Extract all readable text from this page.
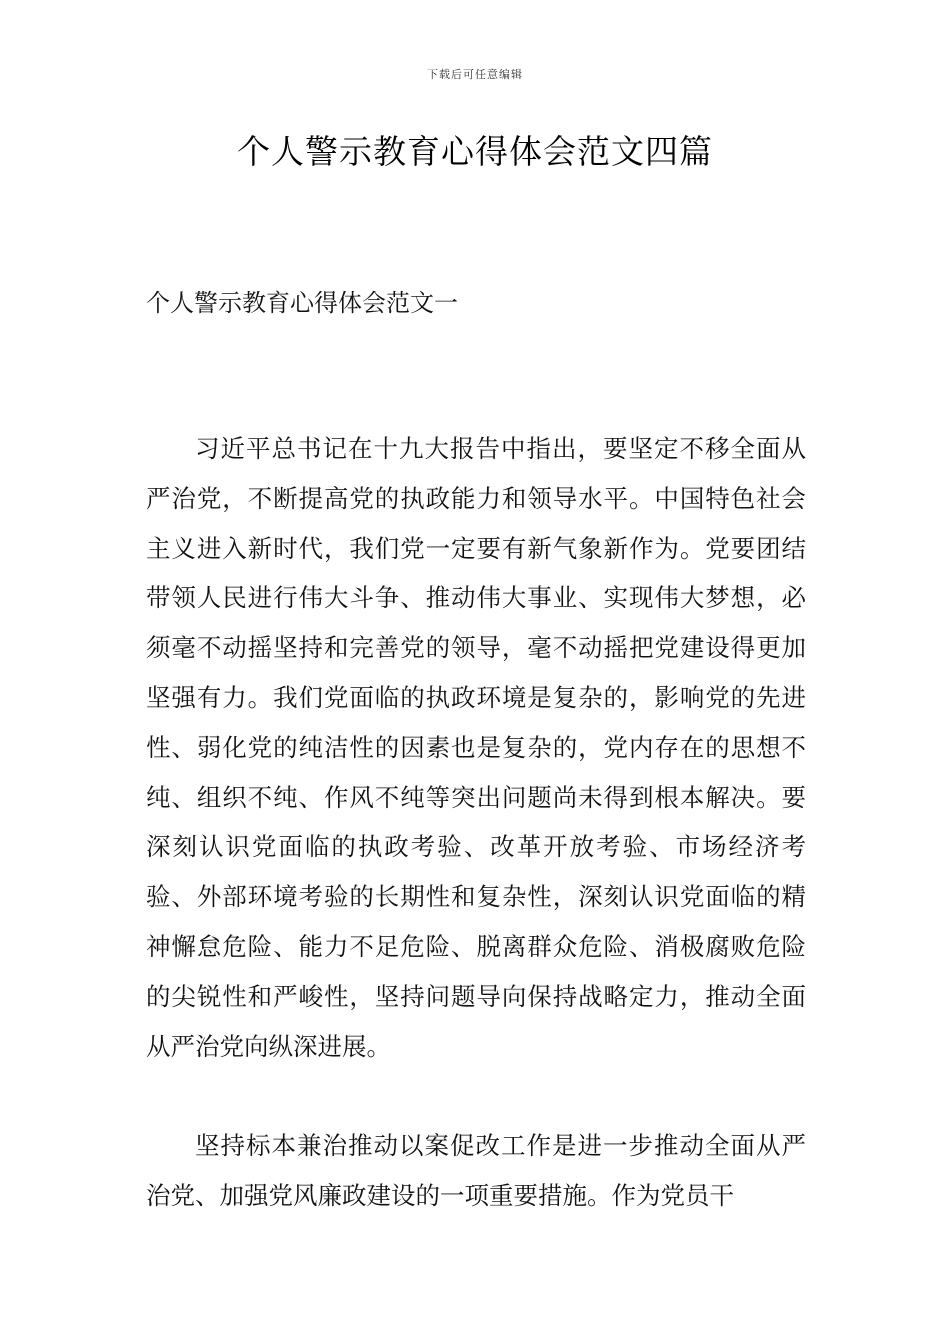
下载后可任意编辑
个人警示教育心得体会范文四篇
个人警示教育心得体会范文一

习近平总书记在十九大报告中指出，要坚定不移全面从严治党，不断提高党的执政能力和领导水平。中国特色社会主义进入新时代，我们党一定要有新气象新作为。党要团结带领人民进行伟大斗争、推动伟大事业、实现伟大梦想，必须毫不动摇坚持和完善党的领导，毫不动摇把党建设得更加坚强有力。我们党面临的执政环境是复杂的，影响党的先进性、弱化党的纯洁性的因素也是复杂的，党内存在的思想不纯、组织不纯、作风不纯等突出问题尚未得到根本解决。要深刻认识党面临的执政考验、改革开放考验、市场经济考验、外部环境考验的长期性和复杂性，深刻认识党面临的精神懈怠危险、能力不足危险、脱离群众危险、消极腐败危险的尖锐性和严峻性，坚持问题导向保持战略定力，推动全面从严治党向纵深进展。

坚持标本兼治推动以案促改工作是进一步推动全面从严治党、加强党风廉政建设的一项重要措施。作为党员干
